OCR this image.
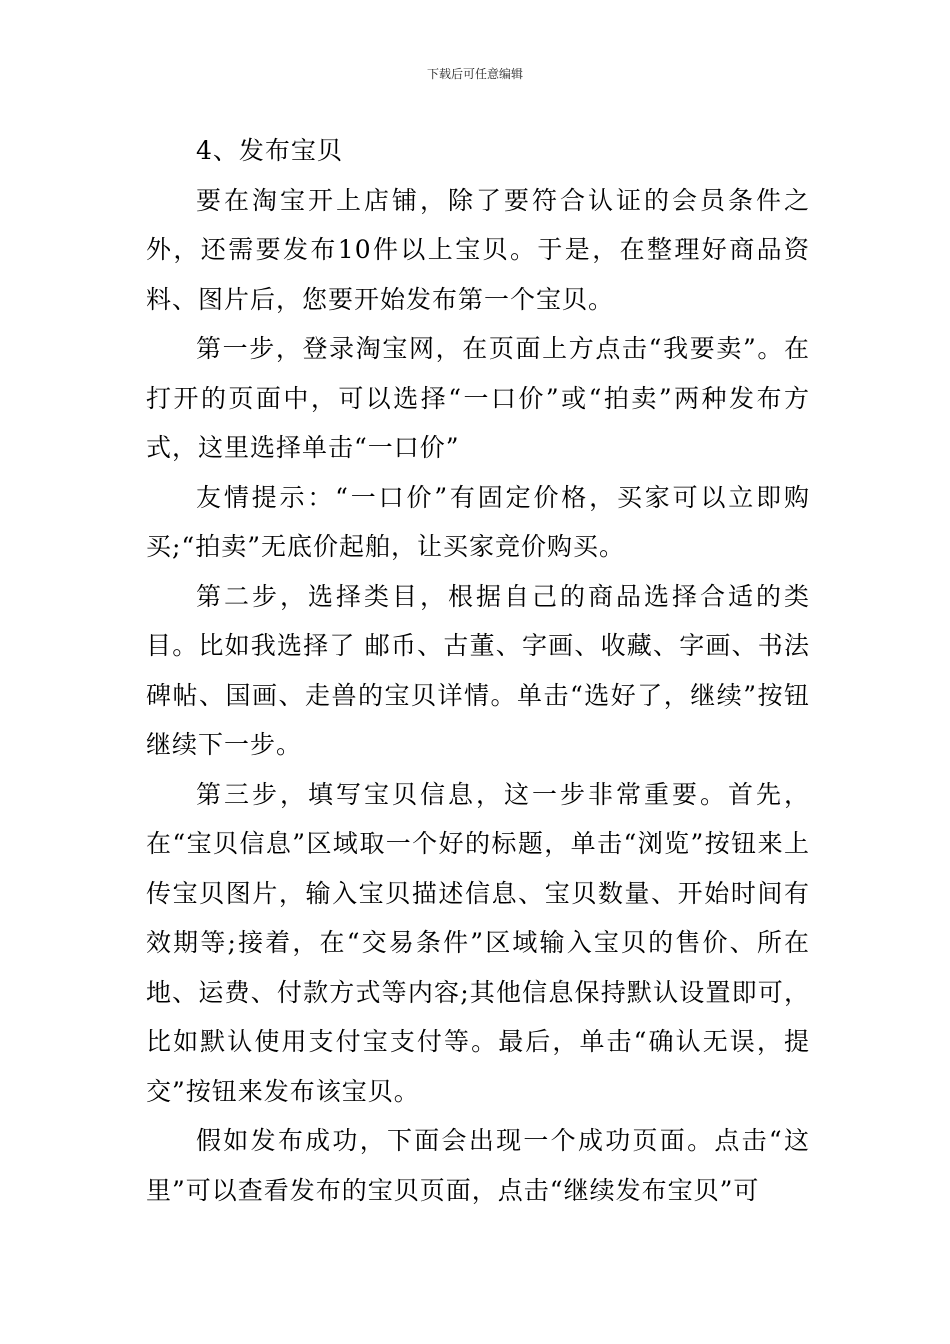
下载后可任意编辑

4、发布宝贝

要在淘宝开上店铺，除了要符合认证的会员条件之外，还需要发布10件以上宝贝。于是，在整理好商品资料、图片后，您要开始发布第一个宝贝。

第一步，登录淘宝网，在页面上方点击“我要卖”。在打开的页面中，可以选择“一口价”或“拍卖”两种发布方式，这里选择单击“一口价”

友情提示：“一口价”有固定价格，买家可以立即购买;“拍卖”无底价起舶，让买家竞价购买。

第二步，选择类目，根据自己的商品选择合适的类目。比如我选择了 邮币、古董、字画、收藏、字画、书法碑帖、国画、走兽的宝贝详情。单击“选好了，继续”按钮继续下一步。

第三步，填写宝贝信息，这一步非常重要。首先，在“宝贝信息”区域取一个好的标题，单击“浏览”按钮来上传宝贝图片，输入宝贝描述信息、宝贝数量、开始时间有效期等;接着，在“交易条件”区域输入宝贝的售价、所在地、运费、付款方式等内容;其他信息保持默认设置即可，比如默认使用支付宝支付等。最后，单击“确认无误，提交”按钮来发布该宝贝。

假如发布成功，下面会出现一个成功页面。点击“这里”可以查看发布的宝贝页面，点击“继续发布宝贝”可
